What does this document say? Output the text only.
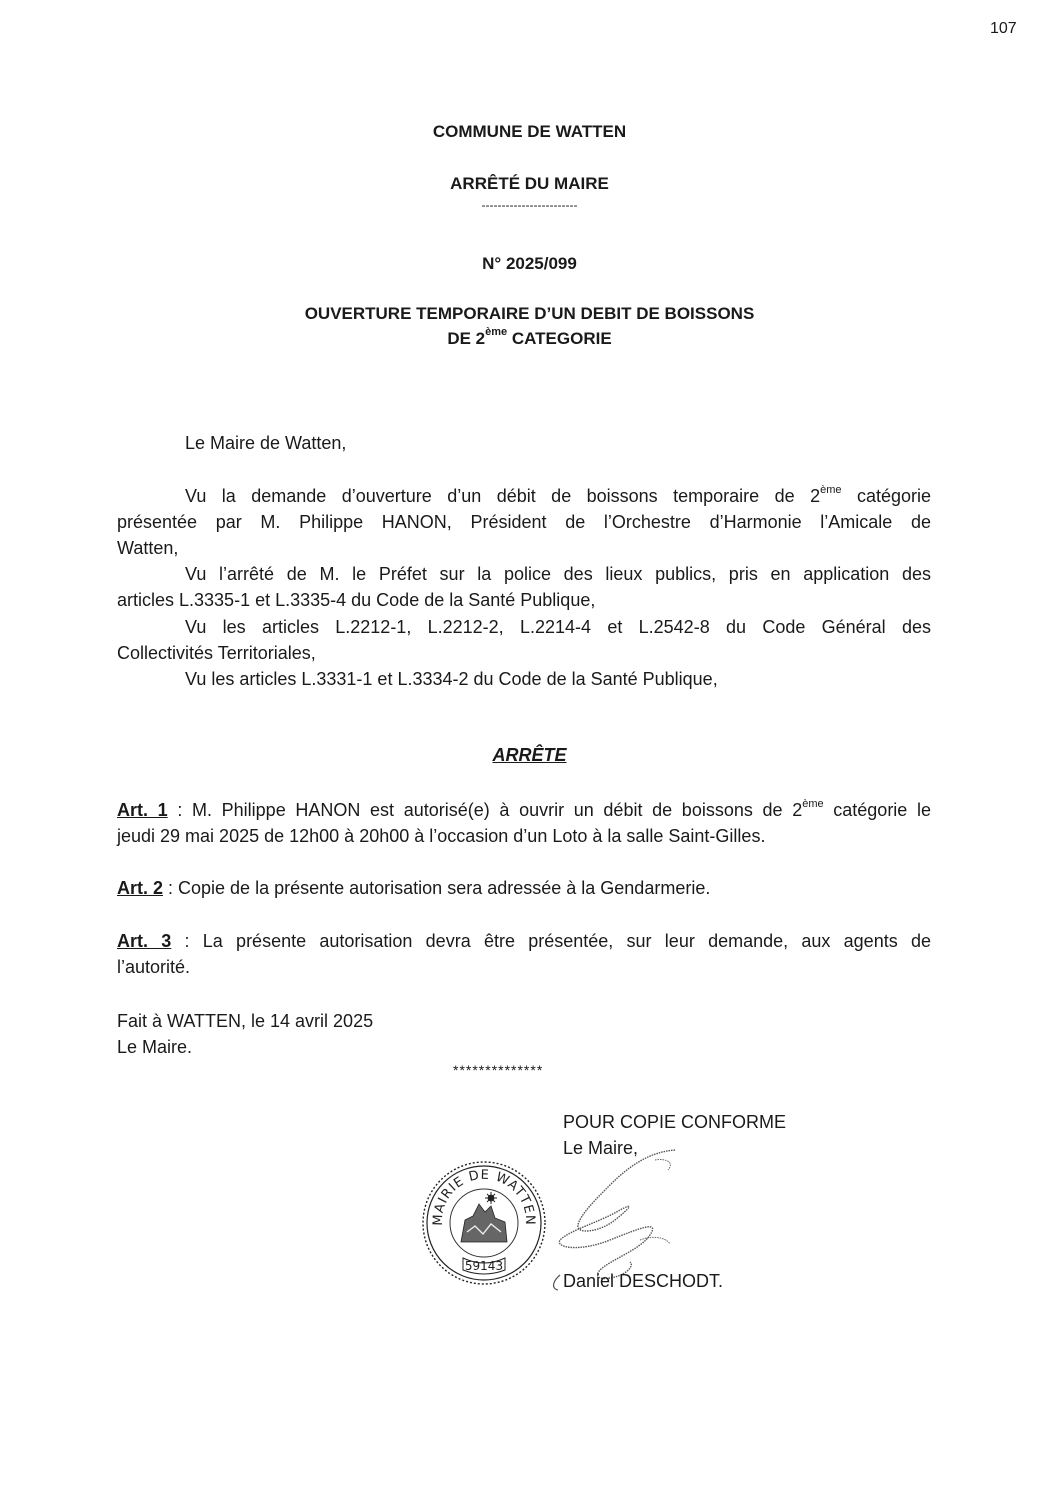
107
COMMUNE DE WATTEN
ARRÊTÉ DU MAIRE
------------------------
N° 2025/099
OUVERTURE TEMPORAIRE D’UN DEBIT DE BOISSONS
DE 2ème CATEGORIE
Le Maire de Watten,
Vu la demande d’ouverture d’un débit de boissons temporaire de 2ème catégorie
présentée par M. Philippe HANON, Président de l’Orchestre d’Harmonie l’Amicale de
Watten,
Vu l’arrêté de M. le Préfet sur la police des lieux publics, pris en application des
articles L.3335-1 et L.3335-4 du Code de la Santé Publique,
Vu les articles L.2212-1, L.2212-2, L.2214-4 et L.2542-8 du Code Général des
Collectivités Territoriales,
Vu les articles L.3331-1 et L.3334-2 du Code de la Santé Publique,
ARRÊTE
Art. 1 : M. Philippe HANON est autorisé(e) à ouvrir un débit de boissons de 2ème catégorie le
jeudi 29 mai 2025 de 12h00 à 20h00 à l’occasion d’un Loto à la salle Saint-Gilles.
Art. 2 : Copie de la présente autorisation sera adressée à la Gendarmerie.
Art. 3 : La présente autorisation devra être présentée, sur leur demande, aux agents de
l’autorité.
Fait à WATTEN, le 14 avril 2025
Le Maire.
**************
POUR COPIE CONFORME
Le Maire,
MAIRIE DE WATTEN
59143
Daniel DESCHODT.
